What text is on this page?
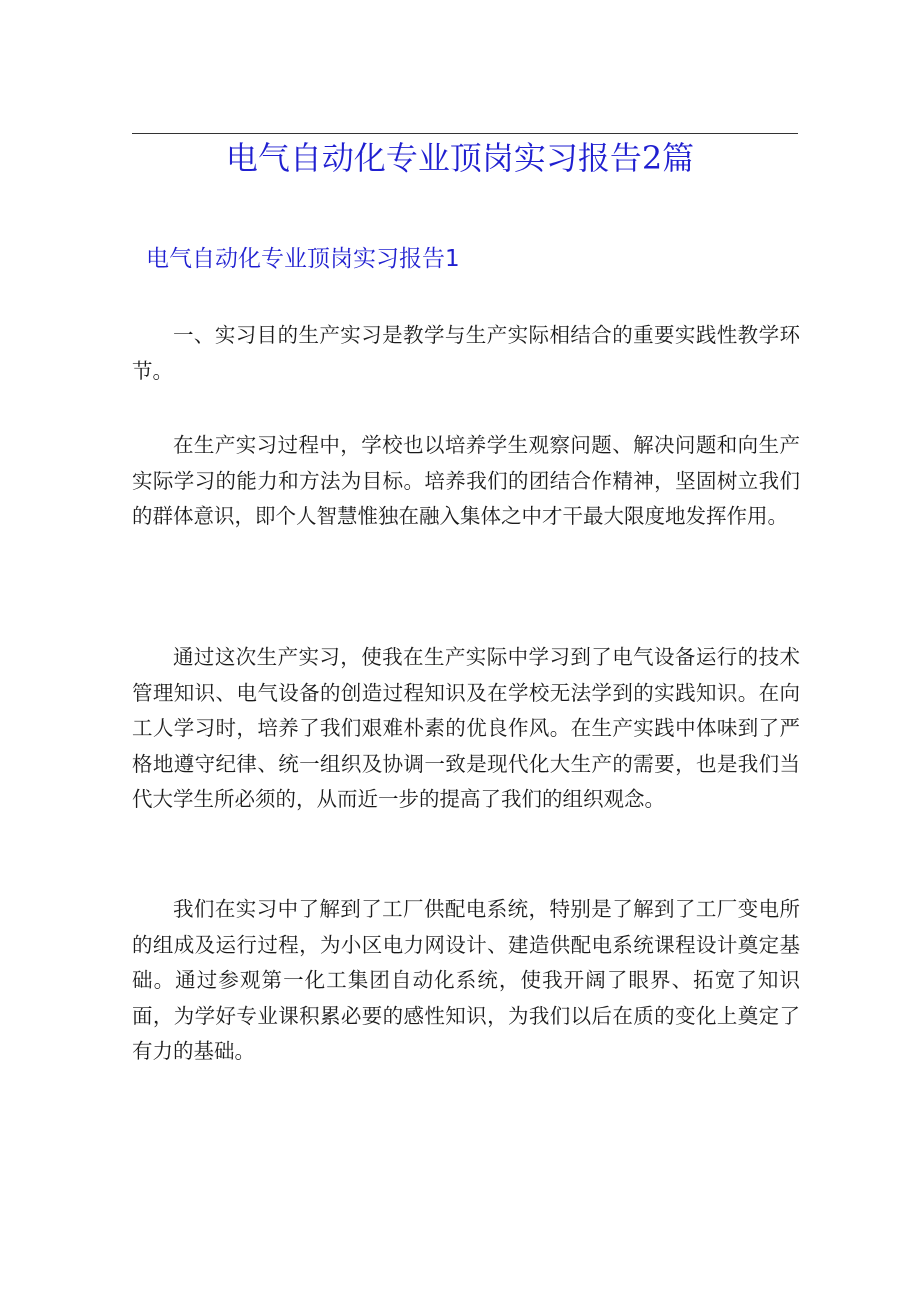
电气自动化专业顶岗实习报告2篇
电气自动化专业顶岗实习报告1

一、实习目的生产实习是教学与生产实际相结合的重要实践性教学环节。

在生产实习过程中，学校也以培养学生观察问题、解决问题和向生产实际学习的能力和方法为目标。培养我们的团结合作精神，坚固树立我们的群体意识，即个人智慧惟独在融入集体之中才干最大限度地发挥作用。

通过这次生产实习，使我在生产实际中学习到了电气设备运行的技术管理知识、电气设备的创造过程知识及在学校无法学到的实践知识。在向工人学习时，培养了我们艰难朴素的优良作风。在生产实践中体味到了严格地遵守纪律、统一组织及协调一致是现代化大生产的需要，也是我们当代大学生所必须的，从而近一步的提高了我们的组织观念。

我们在实习中了解到了工厂供配电系统，特别是了解到了工厂变电所的组成及运行过程，为小区电力网设计、建造供配电系统课程设计奠定基础。通过参观第一化工集团自动化系统，使我开阔了眼界、拓宽了知识面，为学好专业课积累必要的感性知识，为我们以后在质的变化上奠定了有力的基础。
